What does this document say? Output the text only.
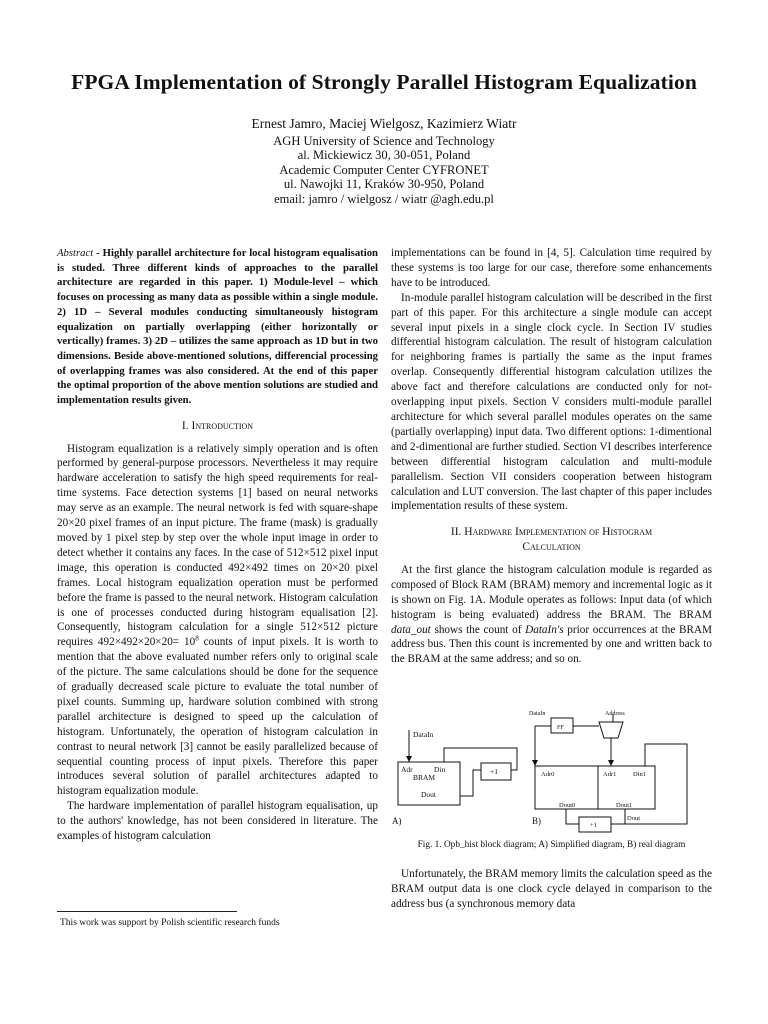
FPGA Implementation of Strongly Parallel Histogram Equalization
Ernest Jamro, Maciej Wielgosz, Kazimierz Wiatr
AGH University of Science and Technology
al. Mickiewicz 30, 30-051, Poland
Academic Computer Center CYFRONET
ul. Nawojki 11, Kraków 30-950, Poland
email: jamro / wielgosz / wiatr @agh.edu.pl

Abstract - Highly parallel architecture for local histogram equalisation is studed. Three different kinds of approaches to the parallel architecture are regarded in this paper. 1) Module-level – which focuses on processing as many data as possible within a single module. 2) 1D – Several modules conducting simultaneously histogram equalization on partially overlapping (either horizontally or vertically) frames. 3) 2D – utilizes the same approach as 1D but in two dimensions. Beside above-mentioned solutions, differencial processing of overlapping frames was also considered. At the end of this paper the optimal proportion of the above mention solutions are studied and implementation results given.

I. Introduction

Histogram equalization is a relatively simply operation and is often performed by general-purpose processors. Nevertheless it may require hardware acceleration to satisfy the high speed requirements for real-time systems. Face detection systems [1] based on neural networks may serve as an example. The neural network is fed with square-shape 20×20 pixel frames of an input picture. The frame (mask) is gradually moved by 1 pixel step by step over the whole input image in order to detect whether it contains any faces. In the case of 512×512 pixel input image, this operation is conducted 492×492 times on 20×20 pixel frames. Local histogram equalization operation must be performed before the frame is passed to the neural network. Histogram calculation is one of processes conducted during histogram equalisation [2]. Consequently, histogram calculation for a single 512×512 picture requires $492\times 492\times 20\times 20= 10^8$ counts of input pixels. It is worth to mention that the above evaluated number refers only to original scale of the picture. The same calculations should be done for the sequence of gradually decreased scale picture to evaluate the total number of pixel counts. Summing up, hardware solution combined with strong parallel architecture is designed to speed up the calculation of histogram. Unfortunately, the operation of histogram calculation in contrast to neural network [3] cannot be easily parallelized because of sequential counting process of input pixels. Therefore this paper introduces several solution of parallel architectures adapted to histogram equalization module.

The hardware implementation of parallel histogram equalisation, up to the authors' knowledge, has not been considered in literature. The examples of histogram calculation

implementations can be found in [4, 5]. Calculation time required by these systems is too large for our case, therefore some enhancements have to be introduced.

In-module parallel histogram calculation will be described in the first part of this paper. For this architecture a single module can accept several input pixels in a single clock cycle. In Section IV studies differential histogram calculation. The result of histogram calculation for neighboring frames is partially the same as the input frames overlap. Consequently differential histogram calculation utilizes the above fact and therefore calculations are conducted only for not-overlapping input pixels. Section V considers multi-module parallel architecture for which several parallel modules operates on the same (partially overlapping) input data. Two different options: 1-dimentional and 2-dimentional are further studied. Section VI describes interference between differential histogram calculation and multi-module parallelism. Section VII considers cooperation between histogram calculation and LUT conversion. The last chapter of this paper includes implementation results of these system.

II. Hardware Implementation of Histogram
Calculation

At the first glance the histogram calculation module is regarded as composed of Block RAM (BRAM) memory and incremental logic as it is shown on Fig. 1A. Module operates as follows: Input data (of which histogram is being evaluated) address the BRAM. The BRAM data_out shows the count of DataIn's prior occurrences at the BRAM address bus. Then this count is incremented by one and written back to the BRAM at the same address; and so on.

DataIn
Adr	Din
BRAM
Dout
+1
A)
DataIn	Address
FF
Adr0	Adr1	Din1
Dout0	Dout1
Dout
+1
B)
Fig. 1. Opb_hist block diagram; A) Simplified diagram, B) real diagram

Unfortunately, the BRAM memory limits the calculation speed as the BRAM output data is one clock cycle delayed in comparison to the address bus (a synchronous memory data

This work was support by Polish scientific research funds
